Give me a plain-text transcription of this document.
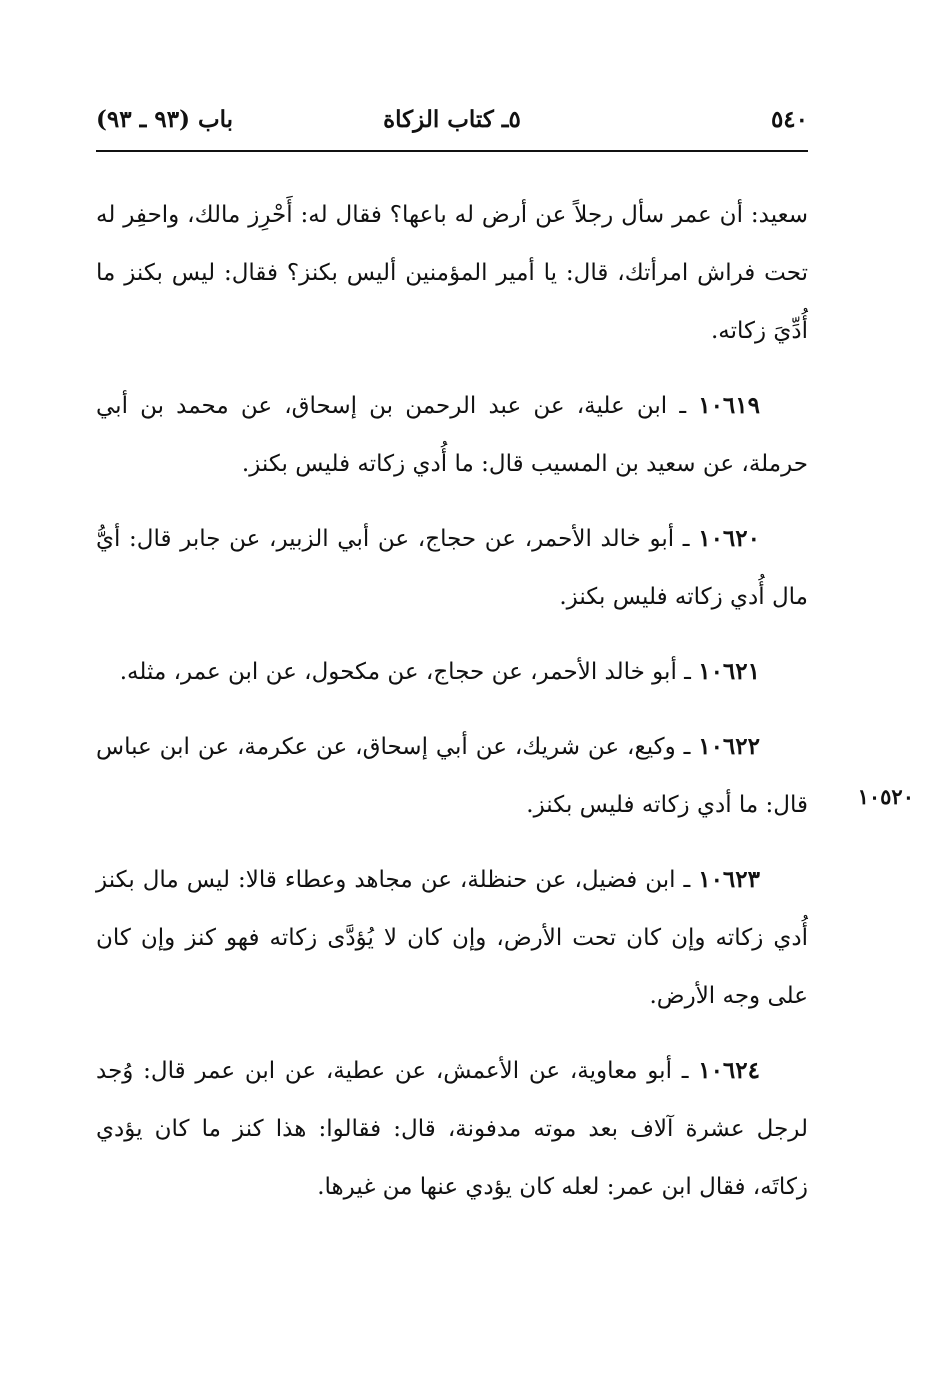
٥٤٠
٥ـ كتاب الزكاة
باب (٩٣ ـ ٩٣)
١٠٥٢٠

سعيد: أن عمر سأل رجلاً عن أرض له باعها؟ فقال له: أَحْرِز مالك، واحفِر له تحت فراش امرأتك، قال: يا أمير المؤمنين أليس بكنز؟ فقال: ليس بكنز ما أُدِّيَ زكاته.

١٠٦١٩ ـ ابن علية، عن عبد الرحمن بن إسحاق، عن محمد بن أبي حرملة، عن سعيد بن المسيب قال: ما أُدي زكاته فليس بكنز.

١٠٦٢٠ ـ أبو خالد الأحمر، عن حجاج، عن أبي الزبير، عن جابر قال: أيُّ مال أُدي زكاته فليس بكنز.

١٠٦٢١ ـ أبو خالد الأحمر، عن حجاج، عن مكحول، عن ابن عمر، مثله.

١٠٦٢٢ ـ وكيع، عن شريك، عن أبي إسحاق، عن عكرمة، عن ابن عباس قال: ما أدي زكاته فليس بكنز.

١٠٦٢٣ ـ ابن فضيل، عن حنظلة، عن مجاهد وعطاء قالا: ليس مال بكنز أُدي زكاته وإن كان تحت الأرض، وإن كان لا يُؤدَّى زكاته فهو كنز وإن كان على وجه الأرض.

١٠٦٢٤ ـ أبو معاوية، عن الأعمش، عن عطية، عن ابن عمر قال: وُجد لرجل عشرة آلاف بعد موته مدفونة، قال: فقالوا: هذا كنز ما كان يؤدي زكاتَه، فقال ابن عمر: لعله كان يؤدي عنها من غيرها.
